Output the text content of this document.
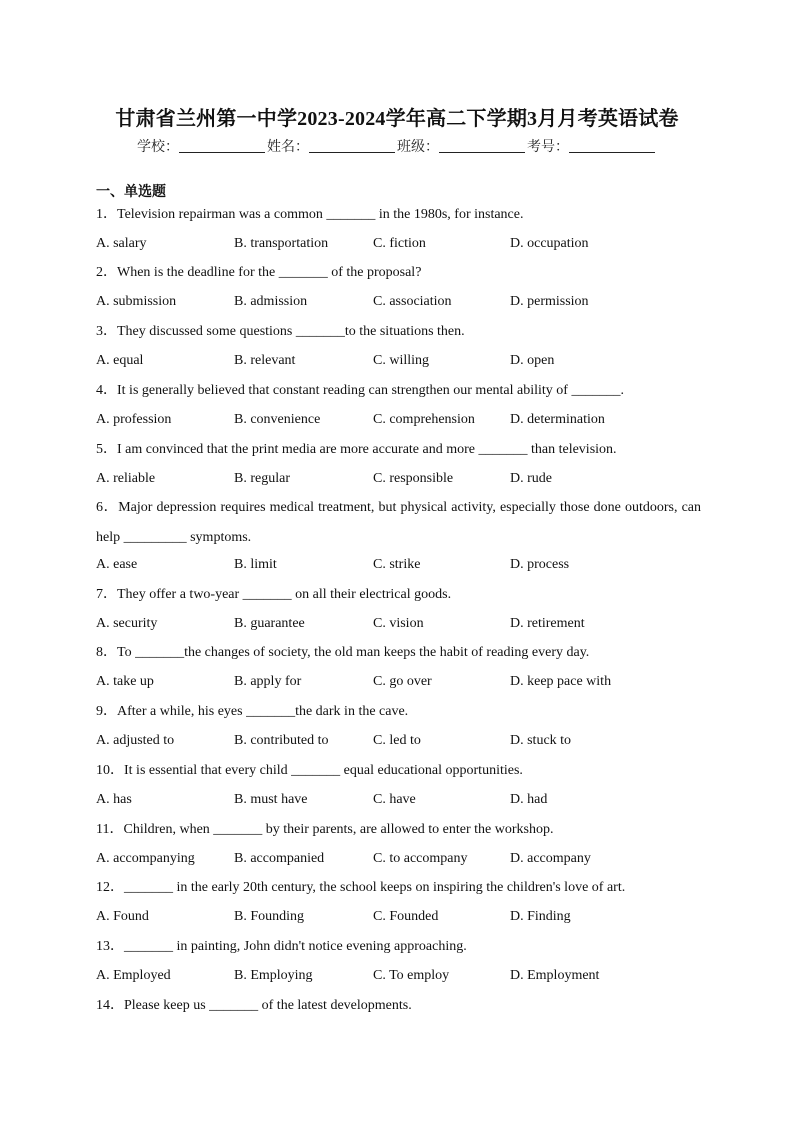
甘肃省兰州第一中学2023-2024学年高二下学期3月月考英语试卷
学校：	姓名：	班级：	考号：
一、单选题
1．Television repairman was a common _______ in the 1980s, for instance.
A. salary	B. transportation	C. fiction	D. occupation
2．When is the deadline for the _______ of the proposal?
A. submission	B. admission	C. association	D. permission
3．They discussed some questions _______to the situations then.
A. equal	B. relevant	C. willing	D. open
4．It is generally believed that constant reading can strengthen our mental ability of _______.
A. profession	B. convenience	C. comprehension	D. determination
5．I am convinced that the print media are more accurate and more _______ than television.
A. reliable	B. regular	C. responsible	D. rude
6．Major depression requires medical treatment, but physical activity, especially those done outdoors, can help _________ symptoms.
A. ease	B. limit	C. strike	D. process
7．They offer a two-year _______ on all their electrical goods.
A. security	B. guarantee	C. vision	D. retirement
8．To _______the changes of society, the old man keeps the habit of reading every day.
A. take up	B. apply for	C. go over	D. keep pace with
9．After a while, his eyes _______the dark in the cave.
A. adjusted to	B. contributed to	C. led to	D. stuck to
10．It is essential that every child _______ equal educational opportunities.
A. has	B. must have	C. have	D. had
11．Children, when _______ by their parents, are allowed to enter the workshop.
A. accompanying	B. accompanied	C. to accompany	D. accompany
12．_______ in the early 20th century, the school keeps on inspiring the children's love of art.
A. Found	B. Founding	C. Founded	D. Finding
13．_______ in painting, John didn't notice evening approaching.
A. Employed	B. Employing	C. To employ	D. Employment
14．Please keep us _______ of the latest developments.
